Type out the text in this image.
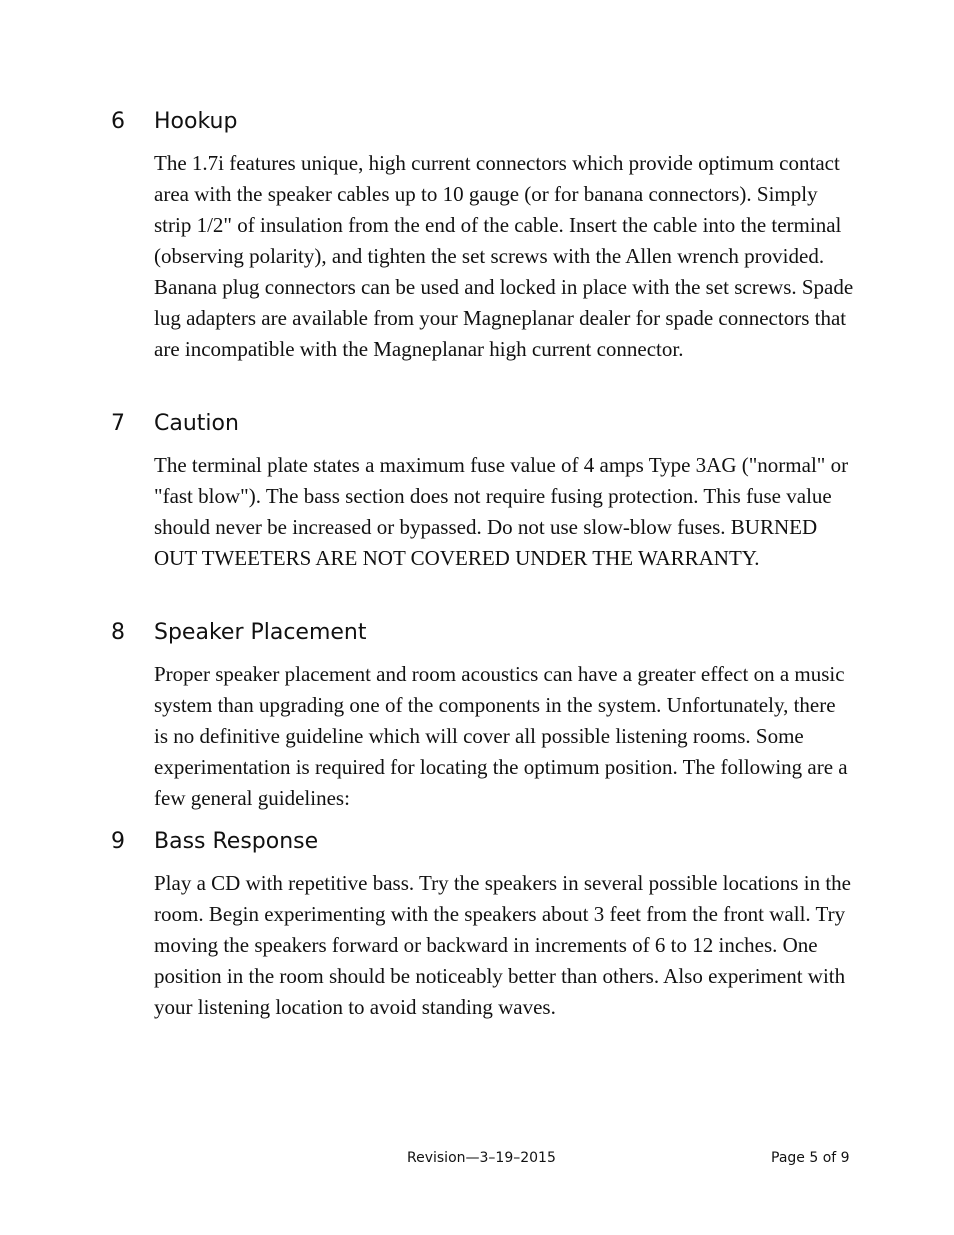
6 Hookup

The 1.7i features unique, high current connectors which provide optimum contact area with the speaker cables up to 10 gauge (or for banana connectors). Simply strip 1/2" of insulation from the end of the cable. Insert the cable into the terminal (observing polarity), and tighten the set screws with the Allen wrench provided. Banana plug connectors can be used and locked in place with the set screws. Spade lug adapters are available from your Magneplanar dealer for spade connectors that are incompatible with the Magneplanar high current connector.

7 Caution

The terminal plate states a maximum fuse value of 4 amps Type 3AG ("normal" or "fast blow"). The bass section does not require fusing protection. This fuse value should never be increased or bypassed. Do not use slow-blow fuses. BURNED OUT TWEETERS ARE NOT COVERED UNDER THE WARRANTY.

8 Speaker Placement

Proper speaker placement and room acoustics can have a greater effect on a music system than upgrading one of the components in the system. Unfortunately, there is no definitive guideline which will cover all possible listening rooms. Some experimentation is required for locating the optimum position. The following are a few general guidelines:

9 Bass Response

Play a CD with repetitive bass. Try the speakers in several possible locations in the room. Begin experimenting with the speakers about 3 feet from the front wall. Try moving the speakers forward or backward in increments of 6 to 12 inches. One position in the room should be noticeably better than others. Also experiment with your listening location to avoid standing waves.

Revision—3–19–2015	Page 5 of 9
